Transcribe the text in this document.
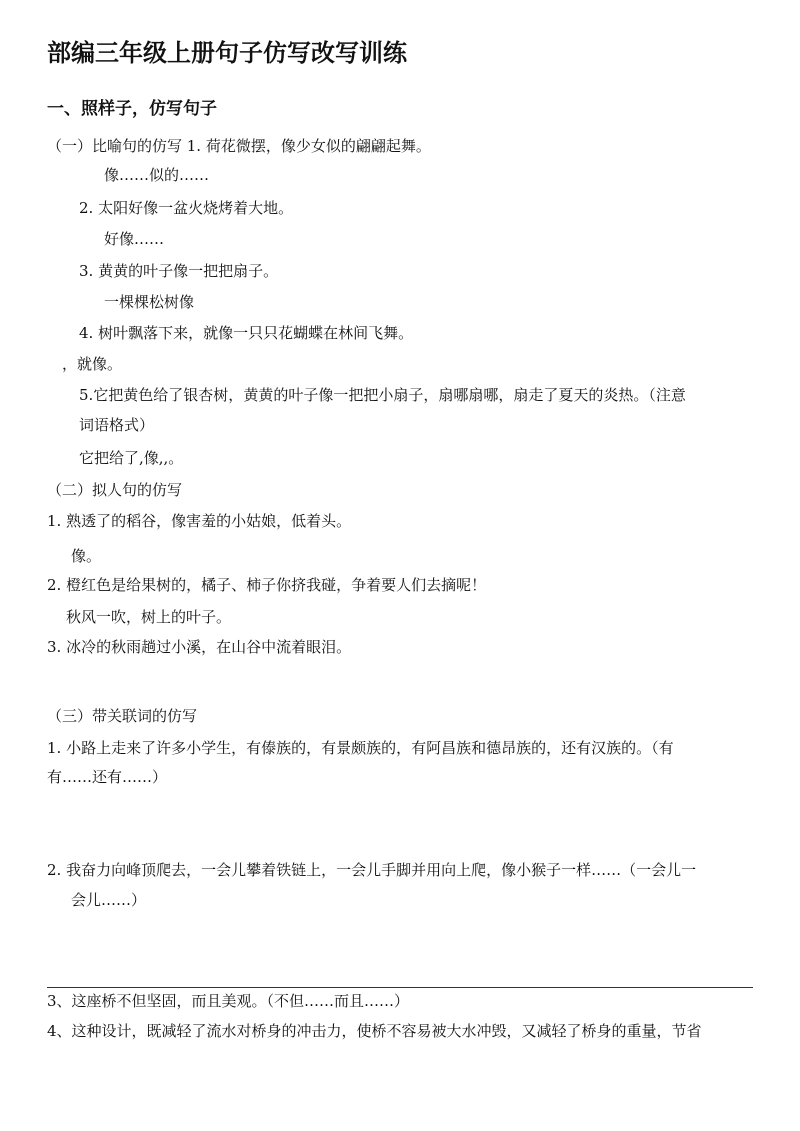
部编三年级上册句子仿写改写训练
一、照样子，仿写句子
（一）比喻句的仿写 1. 荷花微摆，像少女似的翩翩起舞。
像……似的……
2. 太阳好像一盆火烧烤着大地。
好像……
3. 黄黄的叶子像一把把扇子。
一棵棵松树像
4. 树叶飘落下来，就像一只只花蝴蝶在林间飞舞。
，就像。
5.它把黄色给了银杏树，黄黄的叶子像一把把小扇子，扇哪扇哪，扇走了夏天的炎热。（注意
词语格式）
它把给了,像,,。
（二）拟人句的仿写
1. 熟透了的稻谷，像害羞的小姑娘，低着头。
像。
2. 橙红色是给果树的，橘子、柿子你挤我碰，争着要人们去摘呢！
秋风一吹，树上的叶子。
3. 冰冷的秋雨趟过小溪，在山谷中流着眼泪。
（三）带关联词的仿写
1. 小路上走来了许多小学生，有傣族的，有景颇族的，有阿昌族和德昂族的，还有汉族的。（有
有……还有……）
2. 我奋力向峰顶爬去，一会儿攀着铁链上，一会儿手脚并用向上爬，像小猴子一样……（一会儿一
会儿……）
3、这座桥不但坚固，而且美观。（不但……而且……）
4、这种设计，既减轻了流水对桥身的冲击力，使桥不容易被大水冲毁，又减轻了桥身的重量，节省
